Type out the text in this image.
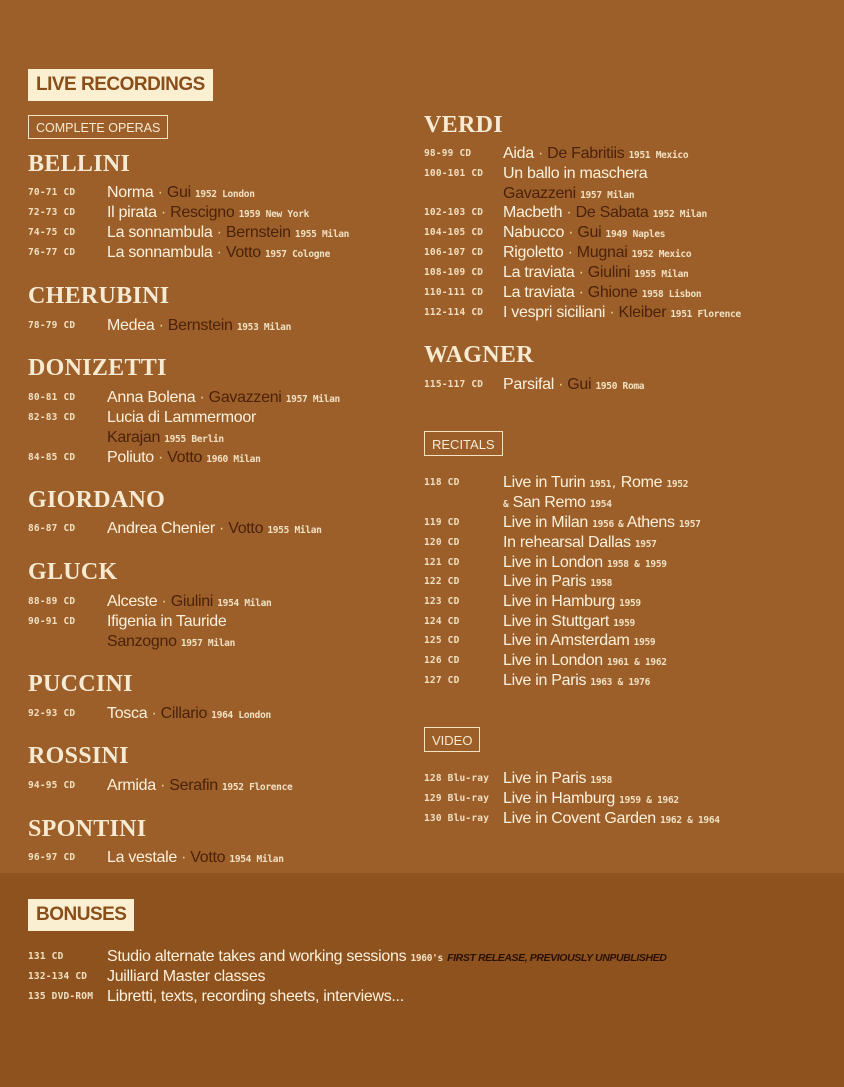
LIVE RECORDINGS
COMPLETE OPERAS
BELLINI
70-71 CD Norma · Gui 1952 London
72-73 CD Il pirata · Rescigno 1959 New York
74-75 CD La sonnambula · Bernstein 1955 Milan
76-77 CD La sonnambula · Votto 1957 Cologne
CHERUBINI
78-79 CD Medea · Bernstein 1953 Milan
DONIZETTI
80-81 CD Anna Bolena · Gavazzeni 1957 Milan
82-83 CD Lucia di Lammermoor
Karajan 1955 Berlin
84-85 CD Poliuto · Votto 1960 Milan
GIORDANO
86-87 CD Andrea Chenier · Votto 1955 Milan
GLUCK
88-89 CD Alceste · Giulini 1954 Milan
90-91 CD Ifigenia in Tauride
Sanzogno 1957 Milan
PUCCINI
92-93 CD Tosca · Cillario 1964 London
ROSSINI
94-95 CD Armida · Serafin 1952 Florence
SPONTINI
96-97 CD La vestale · Votto 1954 Milan
VERDI
98-99 CD Aida · De Fabritiis 1951 Mexico
100-101 CD Un ballo in maschera
Gavazzeni 1957 Milan
102-103 CD Macbeth · De Sabata 1952 Milan
104-105 CD Nabucco · Gui 1949 Naples
106-107 CD Rigoletto · Mugnai 1952 Mexico
108-109 CD La traviata · Giulini 1955 Milan
110-111 CD La traviata · Ghione 1958 Lisbon
112-114 CD I vespri siciliani · Kleiber 1951 Florence
WAGNER
115-117 CD Parsifal · Gui 1950 Roma
RECITALS
118 CD	Live in Turin 1951, Rome 1952
& San Remo 1954
119 CD	Live in Milan 1956 & Athens 1957
120 CD	In rehearsal Dallas 1957
121 CD	Live in London 1958 & 1959
122 CD	Live in Paris 1958
123 CD	Live in Hamburg 1959
124 CD	Live in Stuttgart 1959
125 CD	Live in Amsterdam 1959
126 CD	Live in London 1961 & 1962
127 CD	Live in Paris 1963 & 1976
VIDEO
128 Blu-ray Live in Paris 1958
129 Blu-ray Live in Hamburg 1959 & 1962
130 Blu-ray Live in Covent Garden 1962 & 1964
BONUSES
131 CD	Studio alternate takes and working sessions 1960's FIRST RELEASE, PREVIOUSLY UNPUBLISHED
132-134 CD Juilliard Master classes
135 DVD-ROM Libretti, texts, recording sheets, interviews...
